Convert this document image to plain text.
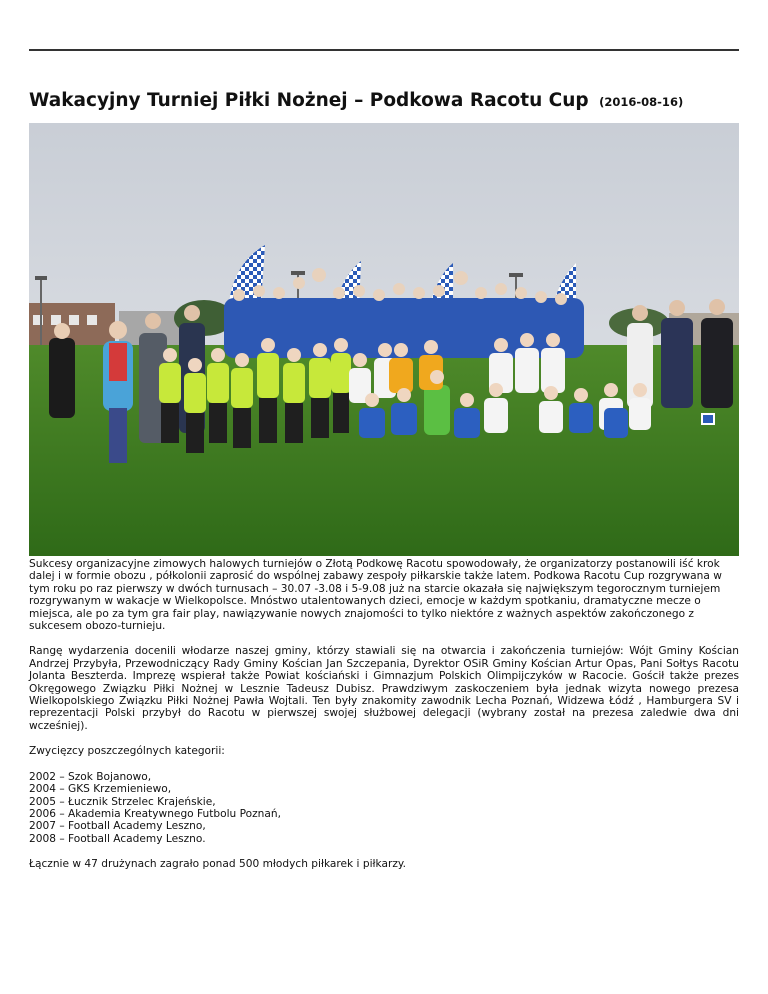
Wakacyjny Turniej Piłki Nożnej – Podkowa Racotu Cup (2016-08-16)

Sukcesy organizacyjne zimowych halowych turniejów o Złotą Podkowę Racotu spowodowały, że organizatorzy postanowili iść krok dalej i w formie obozu , półkolonii zaprosić do wspólnej zabawy zespoły piłkarskie także latem. Podkowa Racotu Cup rozgrywana w tym roku po raz pierwszy w dwóch turnusach – 30.07 -3.08 i 5-9.08 już na starcie okazała się największym tegorocznym turniejem rozgrywanym w wakacje w Wielkopolsce. Mnóstwo utalentowanych dzieci, emocje w każdym spotkaniu, dramatyczne mecze o miejsca, ale po za tym gra fair play, nawiązywanie nowych znajomości to tylko niektóre z ważnych aspektów zakończonego z sukcesem obozo-turnieju.

Rangę wydarzenia docenili włodarze naszej gminy, którzy stawiali się na otwarcia i zakończenia turniejów: Wójt Gminy Kościan Andrzej Przybyła, Przewodniczący Rady Gminy Kościan Jan Szczepania, Dyrektor OSiR Gminy Kościan Artur Opas, Pani Sołtys Racotu Jolanta Beszterda. Imprezę wspierał także Powiat kościański i Gimnazjum Polskich Olimpijczyków w Racocie. Gościł także prezes Okręgowego Związku Piłki Nożnej w Lesznie Tadeusz Dubisz. Prawdziwym zaskoczeniem była jednak wizyta nowego prezesa Wielkopolskiego Związku Piłki Nożnej Pawła Wojtali. Ten były znakomity zawodnik Lecha Poznań, Widzewa Łódź , Hamburgera SV i reprezentacji Polski przybył do Racotu w pierwszej swojej służbowej delegacji (wybrany został na prezesa zaledwie dwa dni wcześniej).

Zwycięzcy poszczególnych kategorii:

2002 – Szok Bojanowo,
2004 – GKS Krzemieniewo,
2005 – Łucznik Strzelec Krajeńskie,
2006 – Akademia Kreatywnego Futbolu Poznań,
2007 – Football Academy Leszno,
2008 – Football Academy Leszno.

Łącznie w 47 drużynach zagrało ponad 500 młodych piłkarek i piłkarzy.
